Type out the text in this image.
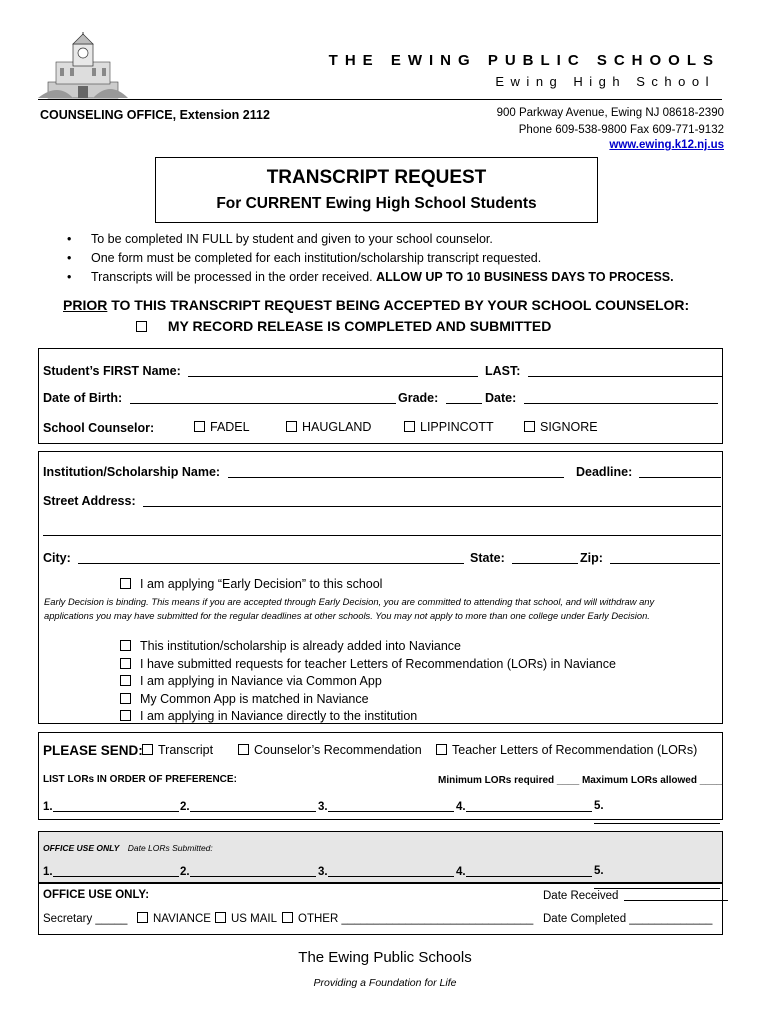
THE EWING PUBLIC SCHOOLS
Ewing High School
COUNSELING OFFICE, Extension 2112	900 Parkway Avenue, Ewing NJ 08618-2390
Phone 609-538-9800 Fax 609-771-9132
www.ewing.k12.nj.us
TRANSCRIPT REQUEST
For CURRENT Ewing High School Students
• To be completed IN FULL by student and given to your school counselor.
• One form must be completed for each institution/scholarship transcript requested.
• Transcripts will be processed in the order received. ALLOW UP TO 10 BUSINESS DAYS TO PROCESS.
PRIOR TO THIS TRANSCRIPT REQUEST BEING ACCEPTED BY YOUR SCHOOL COUNSELOR:
MY RECORD RELEASE IS COMPLETED AND SUBMITTED
Student’s FIRST Name:	LAST:
Date of Birth:	Grade:	Date:
School Counselor:	FADEL	HAUGLAND	LIPPINCOTT	SIGNORE
Institution/Scholarship Name:	Deadline:
Street Address:
City:	State:	Zip:
I am applying “Early Decision” to this school
Early Decision is binding. This means if you are accepted through Early Decision, you are committed to attending that school, and will withdraw any
applications you may have submitted for the regular deadlines at other schools. You may not apply to more than one college under Early Decision.
This institution/scholarship is already added into Naviance
I have submitted requests for teacher Letters of Recommendation (LORs) in Naviance
I am applying in Naviance via Common App
My Common App is matched in Naviance
I am applying in Naviance directly to the institution
PLEASE SEND:	Transcript	Counselor’s Recommendation	Teacher Letters of Recommendation (LORs)
LIST LORs IN ORDER OF PREFERENCE:	Minimum LORs required ____ Maximum LORs allowed ____
1.	2.	3.	4.	5.
OFFICE USE ONLY Date LORs Submitted:
1.	2.	3.	4.	5.
OFFICE USE ONLY:	Date Received
Secretary _____	NAVIANCE	US MAIL	OTHER ______________________________ Date Completed _____________
The Ewing Public Schools
Providing a Foundation for Life
